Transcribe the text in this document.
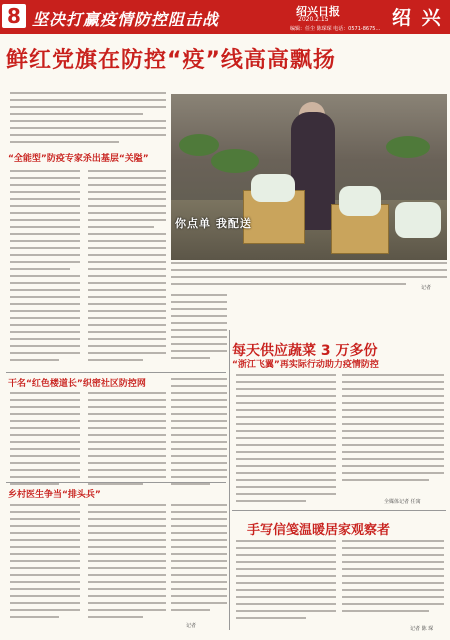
8 坚决打赢疫情防控阻击战	绍兴日报
2020.2.15
编辑：任尘 陈琛琛 电话：0571-8675… 绍 兴
鲜红党旗在防控“疫”线高高飘扬
“全能型”防疫专家杀出基层“关隘”
你点单 我配送
记者
干名“红色楼道长”织密社区防控网
乡村医生争当“排头兵”
记者
每天供应蔬菜 3 万多份
“浙江飞翼”再实际行动助力疫情防控
全媒体记者 任寓
手写信笺温暖居家观察者
记者 陈 琛
